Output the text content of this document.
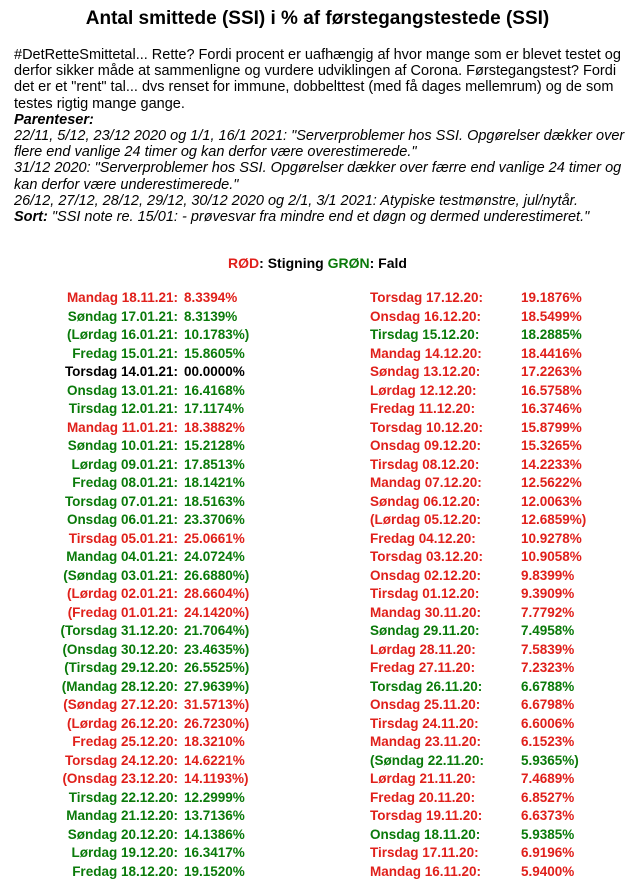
Antal smittede (SSI) i % af førstegangstestede (SSI)

#DetRetteSmittetal... Rette? Fordi procent er uafhængig af hvor mange som er blevet testet og derfor sikker måde at sammenligne og vurdere udviklingen af Corona. Førstegangstest? Fordi det er et "rent" tal... dvs renset for immune, dobbelttest (med få dages mellemrum) og de som testes rigtig mange gange.

Parenteser:

22/11, 5/12, 23/12 2020 og 1/1, 16/1 2021: "Serverproblemer hos SSI. Opgørelser dækker over flere end vanlige 24 timer og kan derfor være overestimerede."

31/12 2020: "Serverproblemer hos SSI. Opgørelser dækker over færre end vanlige 24 timer og kan derfor være underestimerede."

26/12, 27/12, 28/12, 29/12, 30/12 2020 og 2/1, 3/1 2021: Atypiske testmønstre, jul/nytår.

Sort: "SSI note re. 15/01: - prøvesvar fra mindre end et døgn og dermed underestimeret."

RØD: Stigning GRØN: Fald
Mandag 18.11.21: 8.3394%
Søndag 17.01.21: 8.3139%
(Lørdag 16.01.21: 10.1783%)
Fredag 15.01.21: 15.8605%
Torsdag 14.01.21: 00.0000%
Onsdag 13.01.21: 16.4168%
Tirsdag 12.01.21: 17.1174%
Mandag 11.01.21: 18.3882%
Søndag 10.01.21: 15.2128%
Lørdag 09.01.21: 17.8513%
Fredag 08.01.21: 18.1421%
Torsdag 07.01.21: 18.5163%
Onsdag 06.01.21: 23.3706%
Tirsdag 05.01.21: 25.0661%
Mandag 04.01.21: 24.0724%
(Søndag 03.01.21: 26.6880%)
(Lørdag 02.01.21: 28.6604%)
(Fredag 01.01.21: 24.1420%)
(Torsdag 31.12.20: 21.7064%)
(Onsdag 30.12.20: 23.4635%)
(Tirsdag 29.12.20: 26.5525%)
(Mandag 28.12.20: 27.9639%)
(Søndag 27.12.20: 31.5713%)
(Lørdag 26.12.20: 26.7230%)
Fredag 25.12.20: 18.3210%
Torsdag 24.12.20: 14.6221%
(Onsdag 23.12.20: 14.1193%)
Tirsdag 22.12.20: 12.2999%
Mandag 21.12.20: 13.7136%
Søndag 20.12.20: 14.1386%
Lørdag 19.12.20: 16.3417%
Fredag 18.12.20: 19.1520%
Torsdag 17.12.20:	19.1876%
Onsdag 16.12.20:	18.5499%
Tirsdag 15.12.20:	18.2885%
Mandag 14.12.20:	18.4416%
Søndag 13.12.20:	17.2263%
Lørdag 12.12.20:	16.5758%
Fredag 11.12.20:	16.3746%
Torsdag 10.12.20:	15.8799%
Onsdag 09.12.20:	15.3265%
Tirsdag 08.12.20:	14.2233%
Mandag 07.12.20:	12.5622%
Søndag 06.12.20:	12.0063%
(Lørdag 05.12.20:	12.6859%)
Fredag 04.12.20:	10.9278%
Torsdag 03.12.20:	10.9058%
Onsdag 02.12.20:	9.8399%
Tirsdag 01.12.20:	9.3909%
Mandag 30.11.20:	7.7792%
Søndag 29.11.20:	7.4958%
Lørdag 28.11.20:	7.5839%
Fredag 27.11.20:	7.2323%
Torsdag 26.11.20:	6.6788%
Onsdag 25.11.20:	6.6798%
Tirsdag 24.11.20:	6.6006%
Mandag 23.11.20:	6.1523%
(Søndag 22.11.20:	5.9365%)
Lørdag 21.11.20:	7.4689%
Fredag 20.11.20:	6.8527%
Torsdag 19.11.20:	6.6373%
Onsdag 18.11.20:	5.9385%
Tirsdag 17.11.20:	6.9196%
Mandag 16.11.20:	5.9400%
